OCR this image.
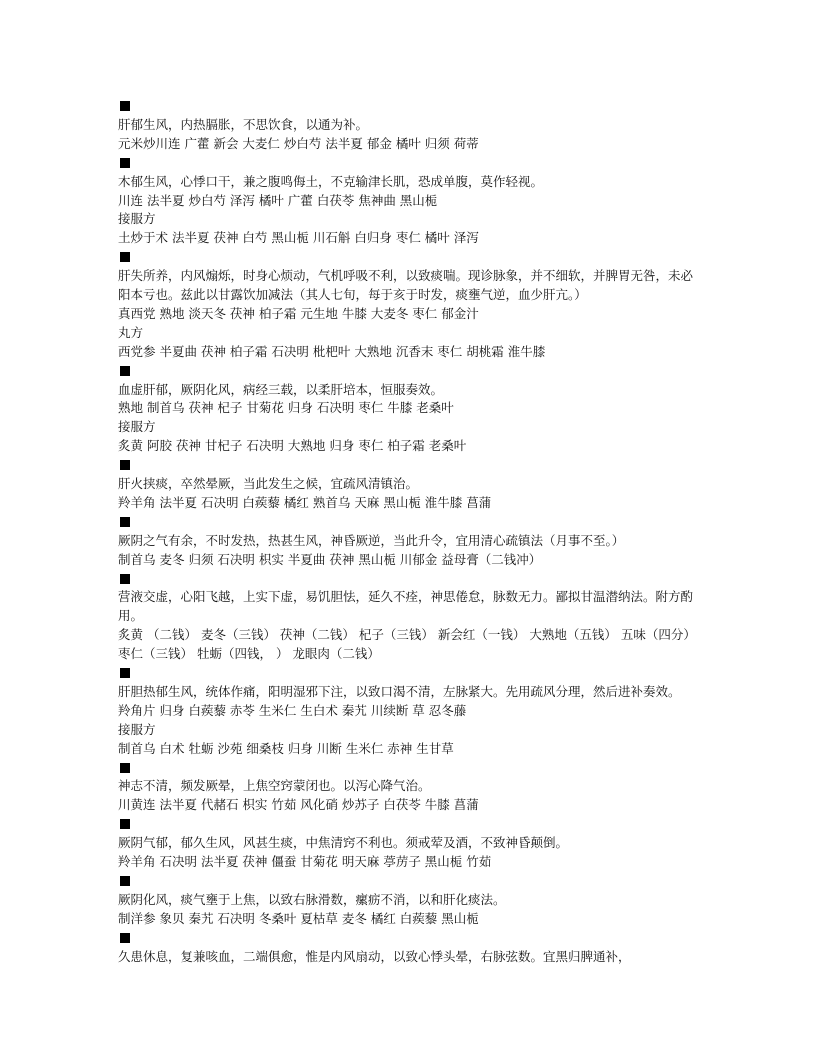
肝郁生风，内热膈胀，不思饮食，以通为补。
元米炒川连 广藿 新会 大麦仁 炒白芍 法半夏 郁金 橘叶 归须 荷蒂
木郁生风，心悸口干，兼之腹鸣侮土，不克输津长肌，恐成单腹，莫作轻视。
川连 法半夏 炒白芍 泽泻 橘叶 广藿 白茯苓 焦神曲 黑山栀
接服方
土炒于术 法半夏 茯神 白芍 黑山栀 川石斛 白归身 枣仁 橘叶 泽泻
肝失所养，内风煽烁，时身心烦动，气机呼吸不利，以致痰喘。现诊脉象，并不细软，并脾胃无咎，未必阳本亏也。兹此以甘露饮加减法（其人七旬，每于亥于时发，痰壅气逆，血少肝亢。）
真西党 熟地 淡天冬 茯神 柏子霜 元生地 牛膝 大麦冬 枣仁 郁金汁
丸方
西党参 半夏曲 茯神 柏子霜 石决明 枇杷叶 大熟地 沉香末 枣仁 胡桃霜 淮牛膝
血虚肝郁，厥阴化风，病经三载，以柔肝培本，恒服奏效。
熟地 制首乌 茯神 杞子 甘菊花 归身 石决明 枣仁 牛膝 老桑叶
接服方
炙黄 阿胶 茯神 甘杞子 石决明 大熟地 归身 枣仁 柏子霜 老桑叶
肝火挟痰，卒然晕厥，当此发生之候，宜疏风清镇治。
羚羊角 法半夏 石决明 白蒺藜 橘红 熟首乌 天麻 黑山栀 淮牛膝 菖蒲
厥阴之气有余，不时发热，热甚生风，神昏厥逆，当此升令，宜用清心疏镇法（月事不至。）
制首乌 麦冬 归须 石决明 枳实 半夏曲 茯神 黑山栀 川郁金 益母膏（二钱冲）
营液交虚，心阳飞越，上实下虚，易饥胆怯，延久不痊，神思倦怠，脉数无力。鄙拟甘温潜纳法。附方酌用。
炙黄 （二钱） 麦冬（三钱） 茯神（二钱） 杞子（三钱） 新会红（一钱） 大熟地（五钱） 五味（四分）枣仁（三钱） 牡蛎（四钱， ） 龙眼肉（二钱）
肝胆热郁生风，统体作痛，阳明湿邪下注，以致口渴不清，左脉紧大。先用疏风分理，然后进补奏效。
羚角片 归身 白蒺藜 赤苓 生米仁 生白术 秦艽 川续断 草 忍冬藤
接服方
制首乌 白术 牡蛎 沙苑 细桑枝 归身 川断 生米仁 赤神 生甘草
神志不清，频发厥晕，上焦空窍蒙闭也。以泻心降气治。
川黄连 法半夏 代赭石 枳实 竹茹 风化硝 炒苏子 白茯苓 牛膝 菖蒲
厥阴气郁，郁久生风，风甚生痰，中焦清窍不利也。须戒荤及酒，不致神昏颠倒。
羚羊角 石决明 法半夏 茯神 僵蚕 甘菊花 明天麻 葶苈子 黑山栀 竹茹
厥阴化风，痰气壅于上焦，以致右脉滑数，瘰疬不消，以和肝化痰法。
制洋参 象贝 秦艽 石决明 冬桑叶 夏枯草 麦冬 橘红 白蒺藜 黑山栀
久患休息，复兼咳血，二端俱愈，惟是内风扇动，以致心悸头晕，右脉弦数。宜黑归脾通补，
